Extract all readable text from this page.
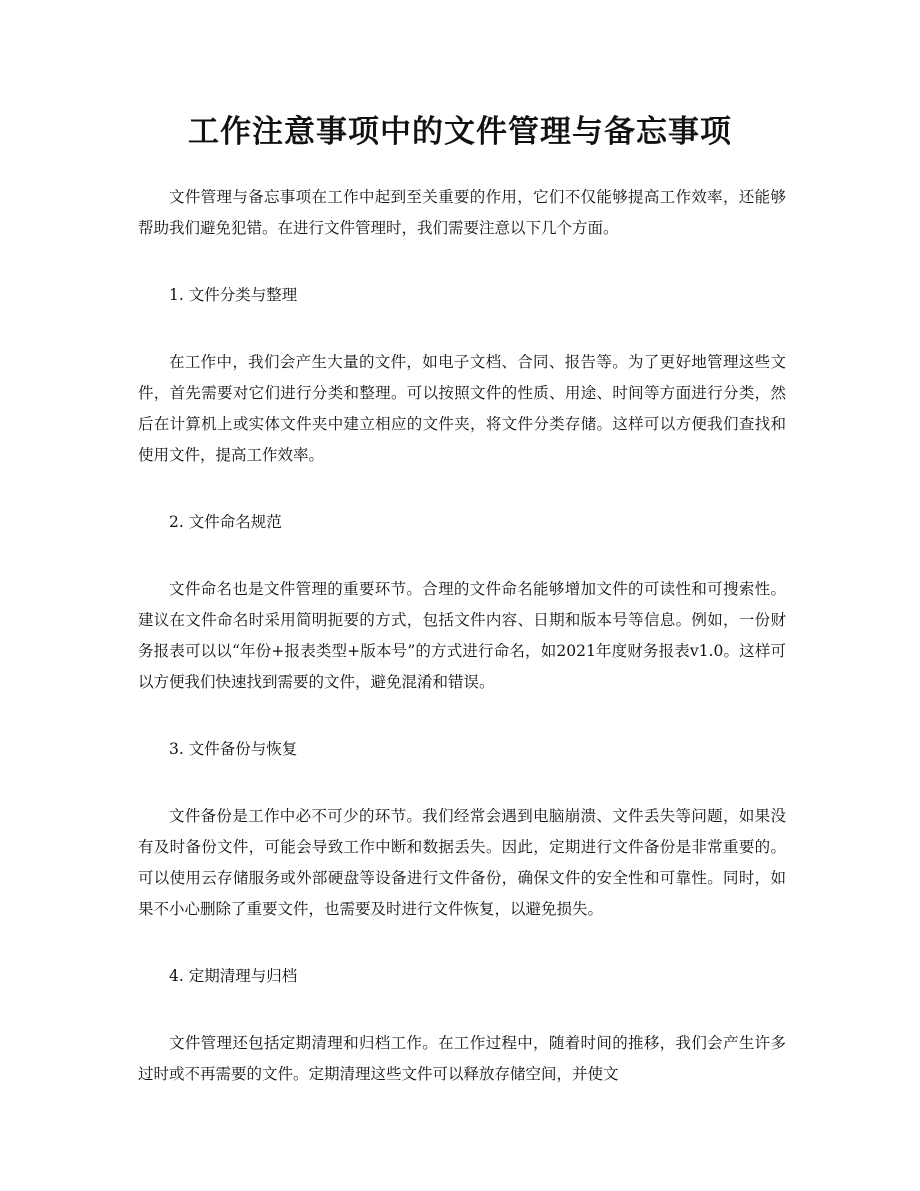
工作注意事项中的文件管理与备忘事项

文件管理与备忘事项在工作中起到至关重要的作用，它们不仅能够提高工作效率，还能够帮助我们避免犯错。在进行文件管理时，我们需要注意以下几个方面。

1. 文件分类与整理

在工作中，我们会产生大量的文件，如电子文档、合同、报告等。为了更好地管理这些文件，首先需要对它们进行分类和整理。可以按照文件的性质、用途、时间等方面进行分类，然后在计算机上或实体文件夹中建立相应的文件夹，将文件分类存储。这样可以方便我们查找和使用文件，提高工作效率。

2. 文件命名规范

文件命名也是文件管理的重要环节。合理的文件命名能够增加文件的可读性和可搜索性。建议在文件命名时采用简明扼要的方式，包括文件内容、日期和版本号等信息。例如，一份财务报表可以以“年份+报表类型+版本号”的方式进行命名，如2021年度财务报表v1.0。这样可以方便我们快速找到需要的文件，避免混淆和错误。

3. 文件备份与恢复

文件备份是工作中必不可少的环节。我们经常会遇到电脑崩溃、文件丢失等问题，如果没有及时备份文件，可能会导致工作中断和数据丢失。因此，定期进行文件备份是非常重要的。可以使用云存储服务或外部硬盘等设备进行文件备份，确保文件的安全性和可靠性。同时，如果不小心删除了重要文件，也需要及时进行文件恢复，以避免损失。

4. 定期清理与归档

文件管理还包括定期清理和归档工作。在工作过程中，随着时间的推移，我们会产生许多过时或不再需要的文件。定期清理这些文件可以释放存储空间，并使文
